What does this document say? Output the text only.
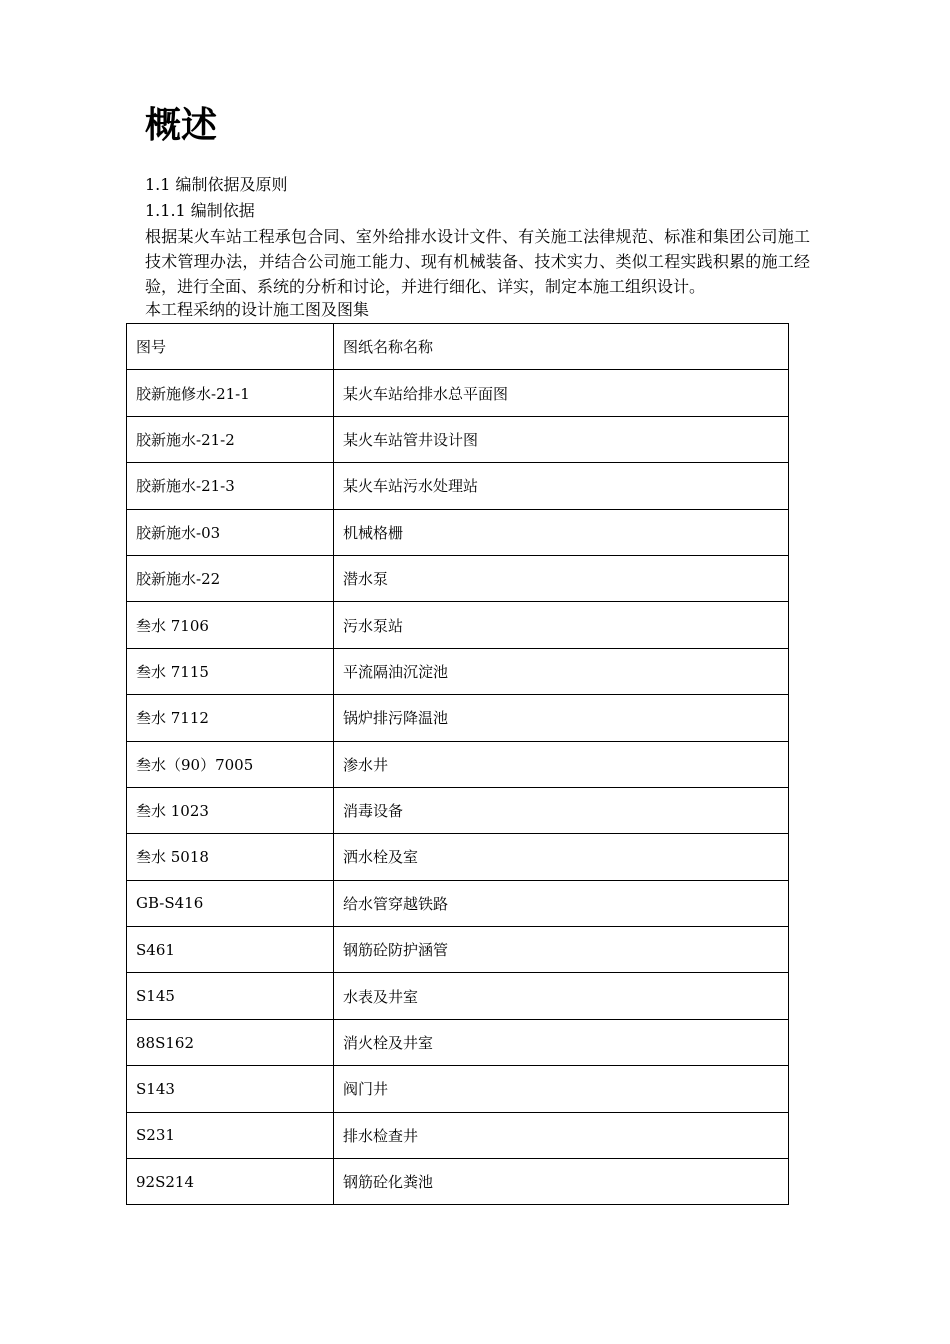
概述

1.1 编制依据及原则

1.1.1 编制依据

根据某火车站工程承包合同、室外给排水设计文件、有关施工法律规范、标准和集团公司施工技术管理办法，并结合公司施工能力、现有机械装备、技术实力、类似工程实践积累的施工经验，进行全面、系统的分析和讨论，并进行细化、详实，制定本施工组织设计。

本工程采纳的设计施工图及图集

图号	图纸名称名称
胶新施修水-21-1	某火车站给排水总平面图
胶新施水-21-2	某火车站管井设计图
胶新施水-21-3	某火车站污水处理站
胶新施水-03	机械格栅
胶新施水-22	潜水泵
叁水 7106	污水泵站
叁水 7115	平流隔油沉淀池
叁水 7112	锅炉排污降温池
叁水（90）7005	渗水井
叁水 1023	消毒设备
叁水 5018	洒水栓及室
GB-S416	给水管穿越铁路
S461	钢筋砼防护涵管
S145	水表及井室
88S162	消火栓及井室
S143	阀门井
S231	排水检查井
92S214	钢筋砼化粪池
